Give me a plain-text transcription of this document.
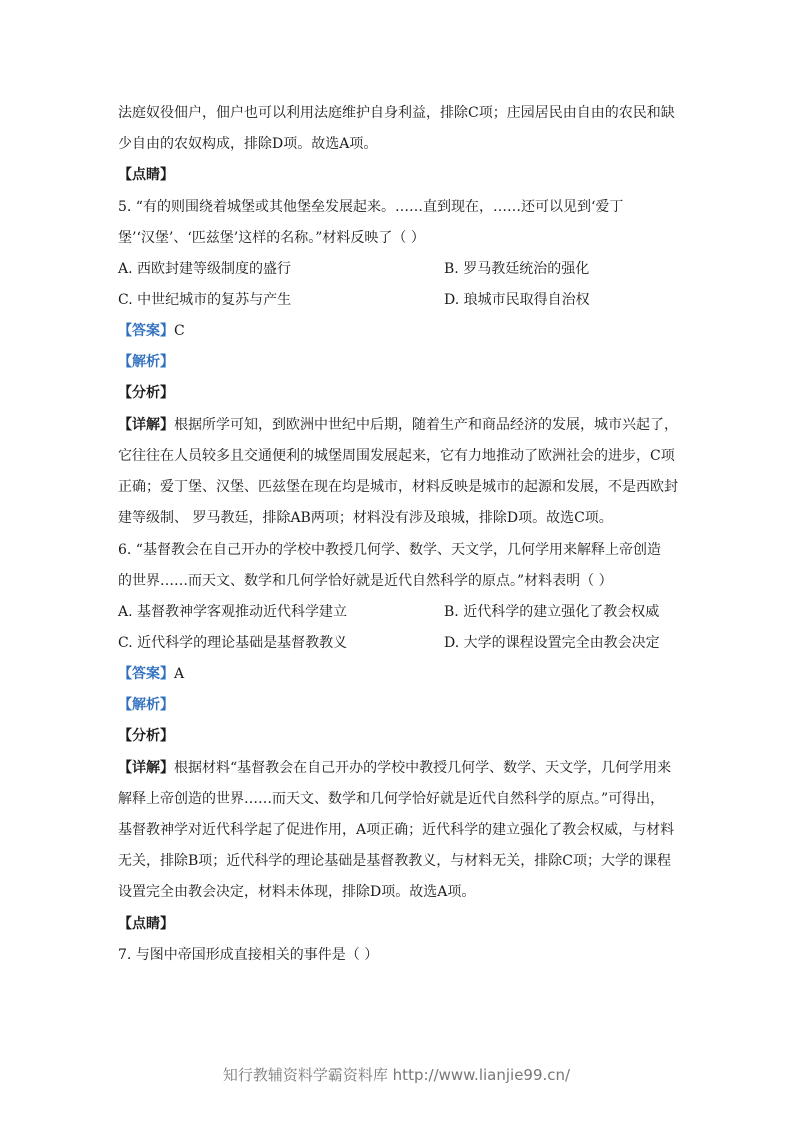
法庭奴役佃户，佃户也可以利用法庭维护自身利益，排除C项；庄园居民由自由的农民和缺
少自由的农奴构成，排除D项。故选A项。
【点睛】
5. “有的则围绕着城堡或其他堡垒发展起来。……直到现在，……还可以见到‘爱丁
堡’‘汉堡’、‘匹兹堡’这样的名称。”材料反映了（ ）
A. 西欧封建等级制度的盛行	B. 罗马教廷统治的强化
C. 中世纪城市的复苏与产生	D. 琅城市民取得自治权
【答案】C
【解析】
【分析】
【详解】根据所学可知，到欧洲中世纪中后期，随着生产和商品经济的发展，城市兴起了，
它往往在人员较多且交通便利的城堡周围发展起来，它有力地推动了欧洲社会的进步，C项
正确；爱丁堡、汉堡、匹兹堡在现在均是城市，材料反映是城市的起源和发展，不是西欧封
建等级制、 罗马教廷，排除AB两项；材料没有涉及琅城，排除D项。故选C项。
6. “基督教会在自己开办的学校中教授几何学、数学、天文学，几何学用来解释上帝创造
的世界……而天文、数学和几何学恰好就是近代自然科学的原点。”材料表明（ ）
A. 基督教神学客观推动近代科学建立	B. 近代科学的建立强化了教会权威
C. 近代科学的理论基础是基督教教义	D. 大学的课程设置完全由教会决定
【答案】A
【解析】
【分析】
【详解】根据材料“基督教会在自己开办的学校中教授几何学、数学、天文学，几何学用来
解释上帝创造的世界……而天文、数学和几何学恰好就是近代自然科学的原点。”可得出，
基督教神学对近代科学起了促进作用，A项正确；近代科学的建立强化了教会权威，与材料
无关，排除B项；近代科学的理论基础是基督教教义，与材料无关，排除C项；大学的课程
设置完全由教会决定，材料未体现，排除D项。故选A项。
【点睛】
7. 与图中帝国形成直接相关的事件是（ ）
知行教辅资料学霸资料库 http://www.lianjie99.cn/
